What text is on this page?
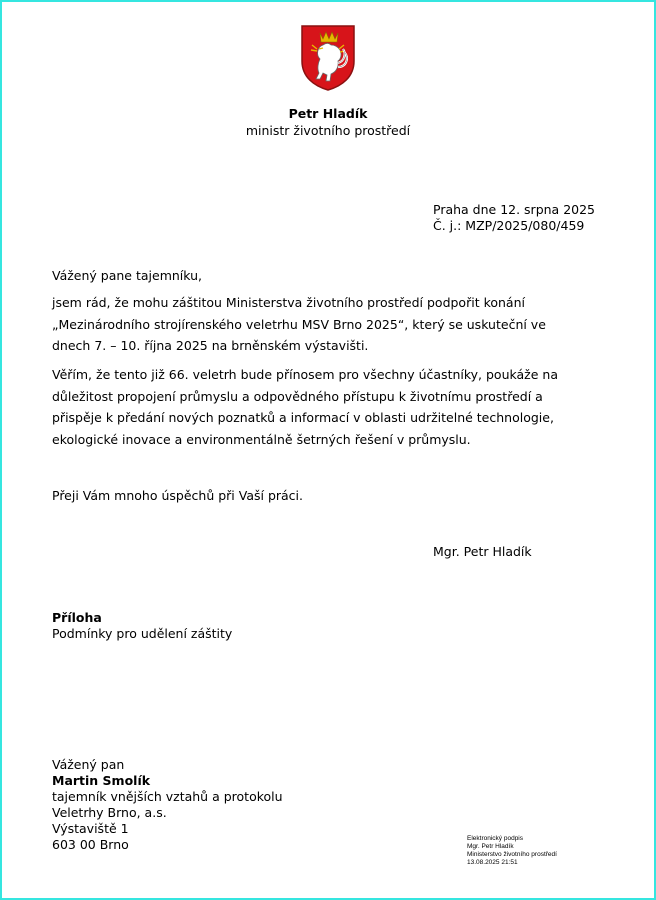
Petr Hladík
ministr životního prostředí
Praha dne 12. srpna 2025
Č. j.: MZP/2025/080/459
Vážený pane tajemníku,
jsem rád, že mohu záštitou Ministerstva životního prostředí podpořit konání „Mezinárodního strojírenského veletrhu MSV Brno 2025“, který se uskuteční ve dnech 7. – 10. října 2025 na brněnském výstavišti.
Věřím, že tento již 66. veletrh bude přínosem pro všechny účastníky, poukáže na důležitost propojení průmyslu a odpovědného přístupu k životnímu prostředí a přispěje k předání nových poznatků a informací v oblasti udržitelné technologie, ekologické inovace a environmentálně šetrných řešení v průmyslu.
Přeji Vám mnoho úspěchů při Vaší práci.
Mgr. Petr Hladík
Příloha
Podmínky pro udělení záštity
Vážený pan
Martin Smolík
tajemník vnějších vztahů a protokolu
Veletrhy Brno, a.s.
Výstaviště 1
603 00 Brno	Elektronický podpis
Mgr. Petr Hladík
Ministerstvo životního prostředí
13.08.2025 21:51
